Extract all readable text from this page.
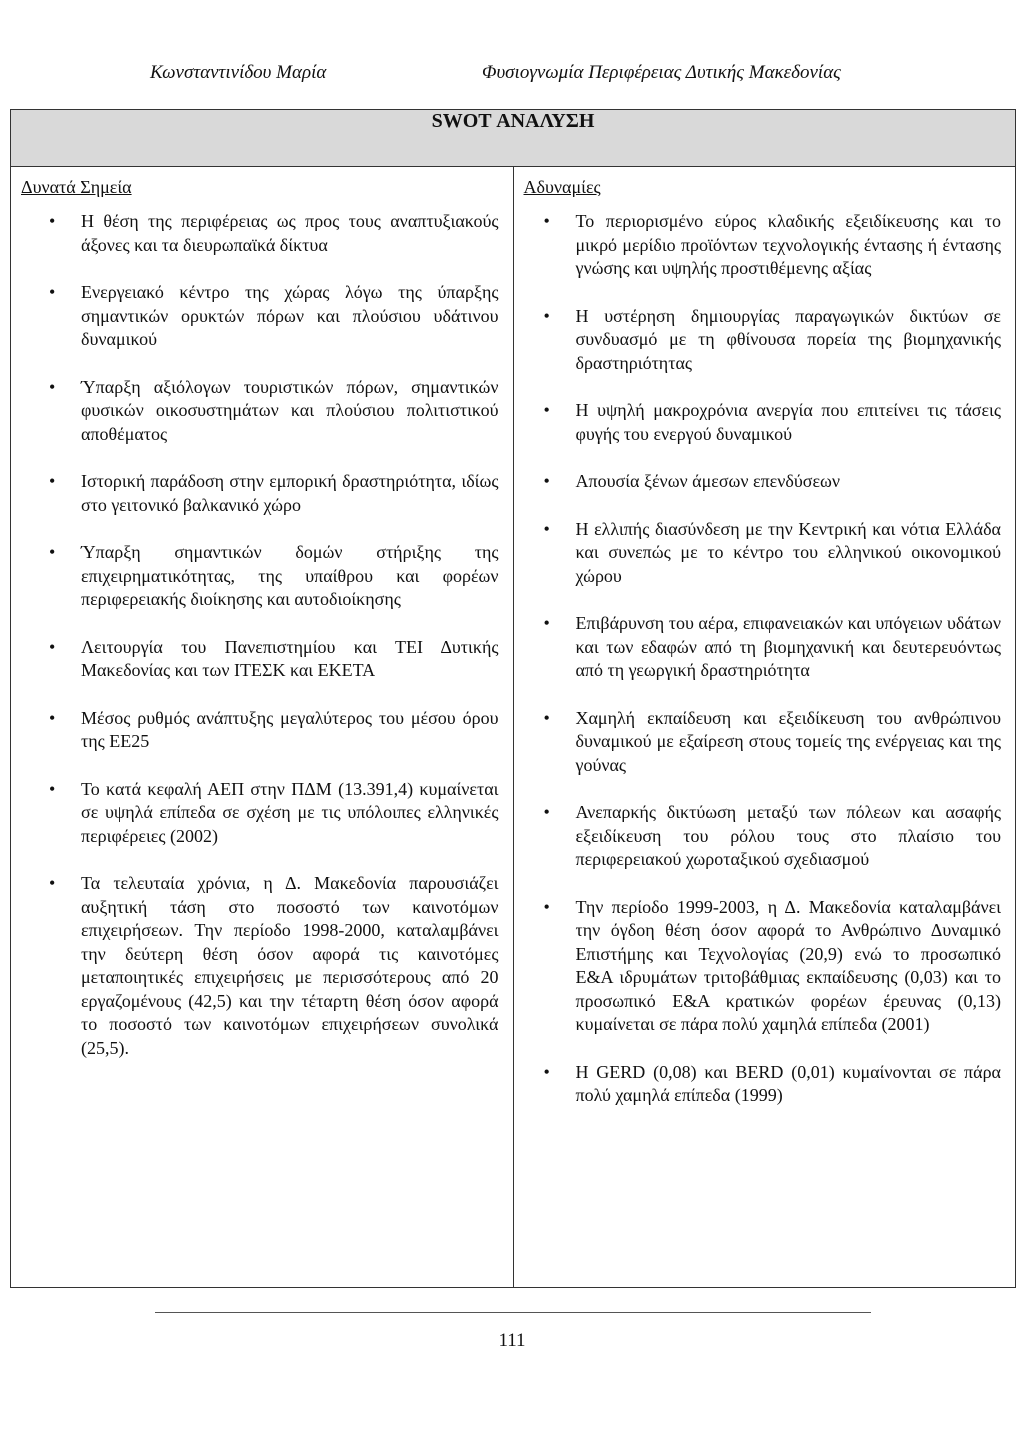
Κωνσταντινίδου Μαρία	Φυσιογνωμία Περιφέρειας Δυτικής Μακεδονίας
SWOT ΑΝΑΛΥΣΗ

Δυνατά Σημεία
• Η θέση της περιφέρειας ως προς τους αναπτυξιακούς άξονες και τα διευρωπαϊκά δίκτυα
• Ενεργειακό κέντρο της χώρας λόγω της ύπαρξης σημαντικών ορυκτών πόρων και πλούσιου υδάτινου δυναμικού
• Ύπαρξη αξιόλογων τουριστικών πόρων, σημαντικών φυσικών οικοσυστημάτων και πλούσιου πολιτιστικού αποθέματος
• Ιστορική παράδοση στην εμπορική δραστηριότητα, ιδίως στο γειτονικό βαλκανικό χώρο
• Ύπαρξη σημαντικών δομών στήριξης της επιχειρηματικότητας, της υπαίθρου και φορέων περιφερειακής διοίκησης και αυτοδιοίκησης
• Λειτουργία του Πανεπιστημίου και ΤΕΙ Δυτικής Μακεδονίας και των ΙΤΕΣΚ και ΕΚΕΤΑ
• Μέσος ρυθμός ανάπτυξης μεγαλύτερος του μέσου όρου της ΕΕ25
• Το κατά κεφαλή ΑΕΠ στην ΠΔΜ (13.391,4) κυμαίνεται σε υψηλά επίπεδα σε σχέση με τις υπόλοιπες ελληνικές περιφέρειες (2002)
• Τα τελευταία χρόνια, η Δ. Μακεδονία παρουσιάζει αυξητική τάση στο ποσοστό των καινοτόμων επιχειρήσεων. Την περίοδο 1998-2000, καταλαμβάνει την δεύτερη θέση όσον αφορά τις καινοτόμες μεταποιητικές επιχειρήσεις με περισσότερους από 20 εργαζομένους (42,5) και την τέταρτη θέση όσον αφορά το ποσοστό των καινοτόμων επιχειρήσεων συνολικά (25,5).

Αδυναμίες
• Το περιορισμένο εύρος κλαδικής εξειδίκευσης και το μικρό μερίδιο προϊόντων τεχνολογικής έντασης ή έντασης γνώσης και υψηλής προστιθέμενης αξίας
• Η υστέρηση δημιουργίας παραγωγικών δικτύων σε συνδυασμό με τη φθίνουσα πορεία της βιομηχανικής δραστηριότητας
• Η υψηλή μακροχρόνια ανεργία που επιτείνει τις τάσεις φυγής του ενεργού δυναμικού
• Απουσία ξένων άμεσων επενδύσεων
• Η ελλιπής διασύνδεση με την Κεντρική και νότια Ελλάδα και συνεπώς με το κέντρο του ελληνικού οικονομικού χώρου
• Επιβάρυνση του αέρα, επιφανειακών και υπόγειων υδάτων και των εδαφών από τη βιομηχανική και δευτερευόντως από τη γεωργική δραστηριότητα
• Χαμηλή εκπαίδευση και εξειδίκευση του ανθρώπινου δυναμικού με εξαίρεση στους τομείς της ενέργειας και της γούνας
• Ανεπαρκής δικτύωση μεταξύ των πόλεων και ασαφής εξειδίκευση του ρόλου τους στο πλαίσιο του περιφερειακού χωροταξικού σχεδιασμού
• Την περίοδο 1999-2003, η Δ. Μακεδονία καταλαμβάνει την όγδοη θέση όσον αφορά το Ανθρώπινο Δυναμικό Επιστήμης και Τεχνολογίας (20,9) ενώ το προσωπικό Ε&Α ιδρυμάτων τριτοβάθμιας εκπαίδευσης (0,03) και το προσωπικό Ε&Α κρατικών φορέων έρευνας (0,13) κυμαίνεται σε πάρα πολύ χαμηλά επίπεδα (2001)
• Η GERD (0,08) και BERD (0,01) κυμαίνονται σε πάρα πολύ χαμηλά επίπεδα (1999)
111
